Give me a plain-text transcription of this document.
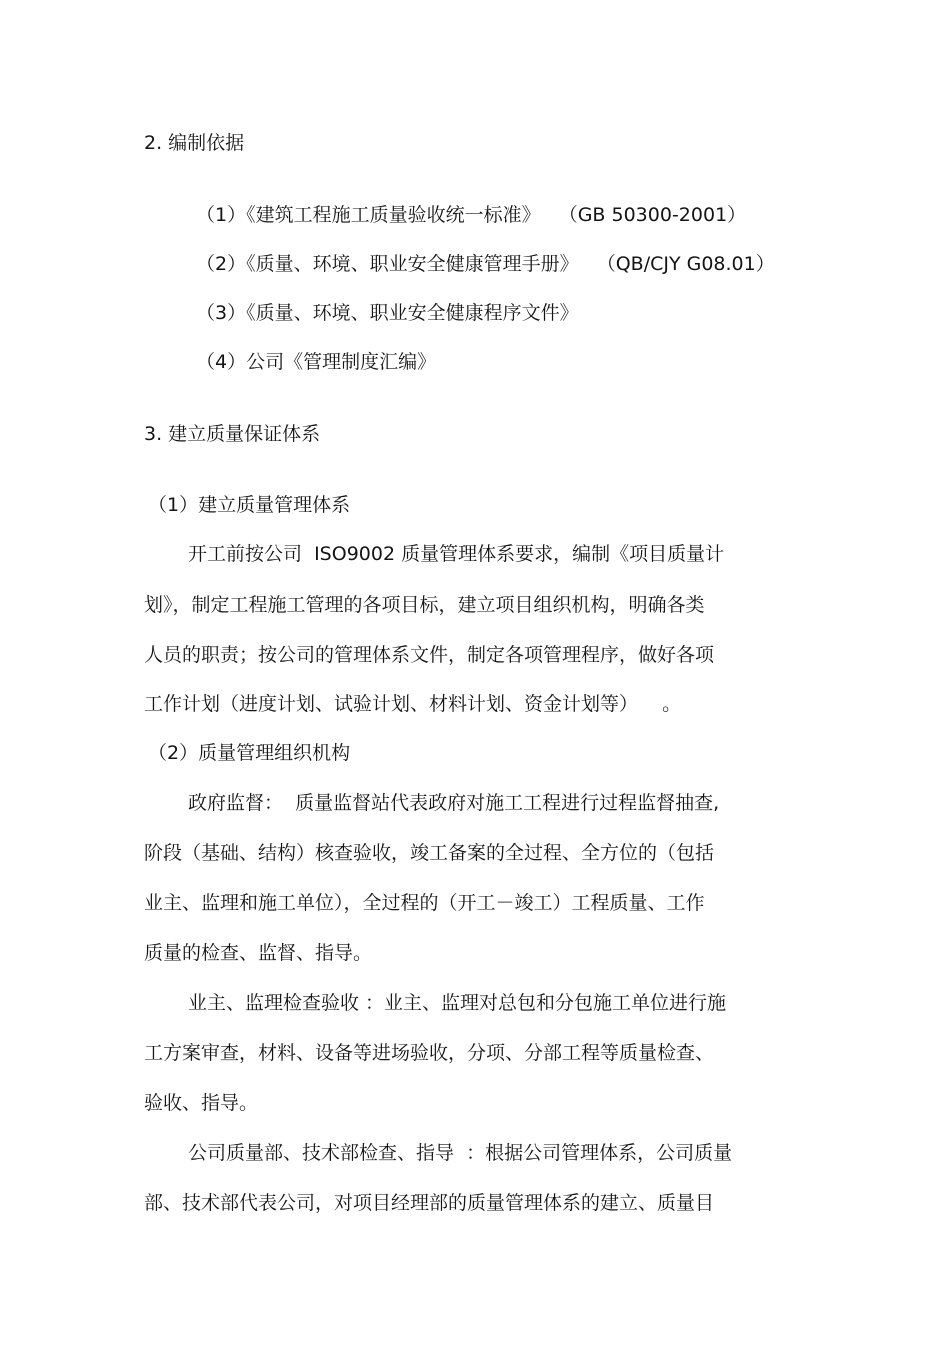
2. 编制依据

（1）《建筑工程施工质量验收统一标准》   （GB 50300-2001）

（2）《质量、环境、职业安全健康管理手册》   （QB/CJY G08.01）

（3）《质量、环境、职业安全健康程序文件》

（4）公司《管理制度汇编》

3. 建立质量保证体系

（1）建立质量管理体系

开工前按公司  ISO9002 质量管理体系要求，编制《项目质量计

划》，制定工程施工管理的各项目标，建立项目组织机构，明确各类

人员的职责；按公司的管理体系文件，制定各项管理程序，做好各项

工作计划（进度计划、试验计划、材料计划、资金计划等）    。

（2）质量管理组织机构

政府监督：  质量监督站代表政府对施工工程进行过程监督抽查,

阶段（基础、结构）核查验收，竣工备案的全过程、全方位的（包括

业主、监理和施工单位），全过程的（开工－竣工）工程质量、工作

质量的检查、监督、指导。

业主、监理检查验收 ：业主、监理对总包和分包施工单位进行施

工方案审查，材料、设备等进场验收，分项、分部工程等质量检查、

验收、指导。

公司质量部、技术部检查、指导  ：根据公司管理体系，公司质量

部、技术部代表公司，对项目经理部的质量管理体系的建立、质量目
